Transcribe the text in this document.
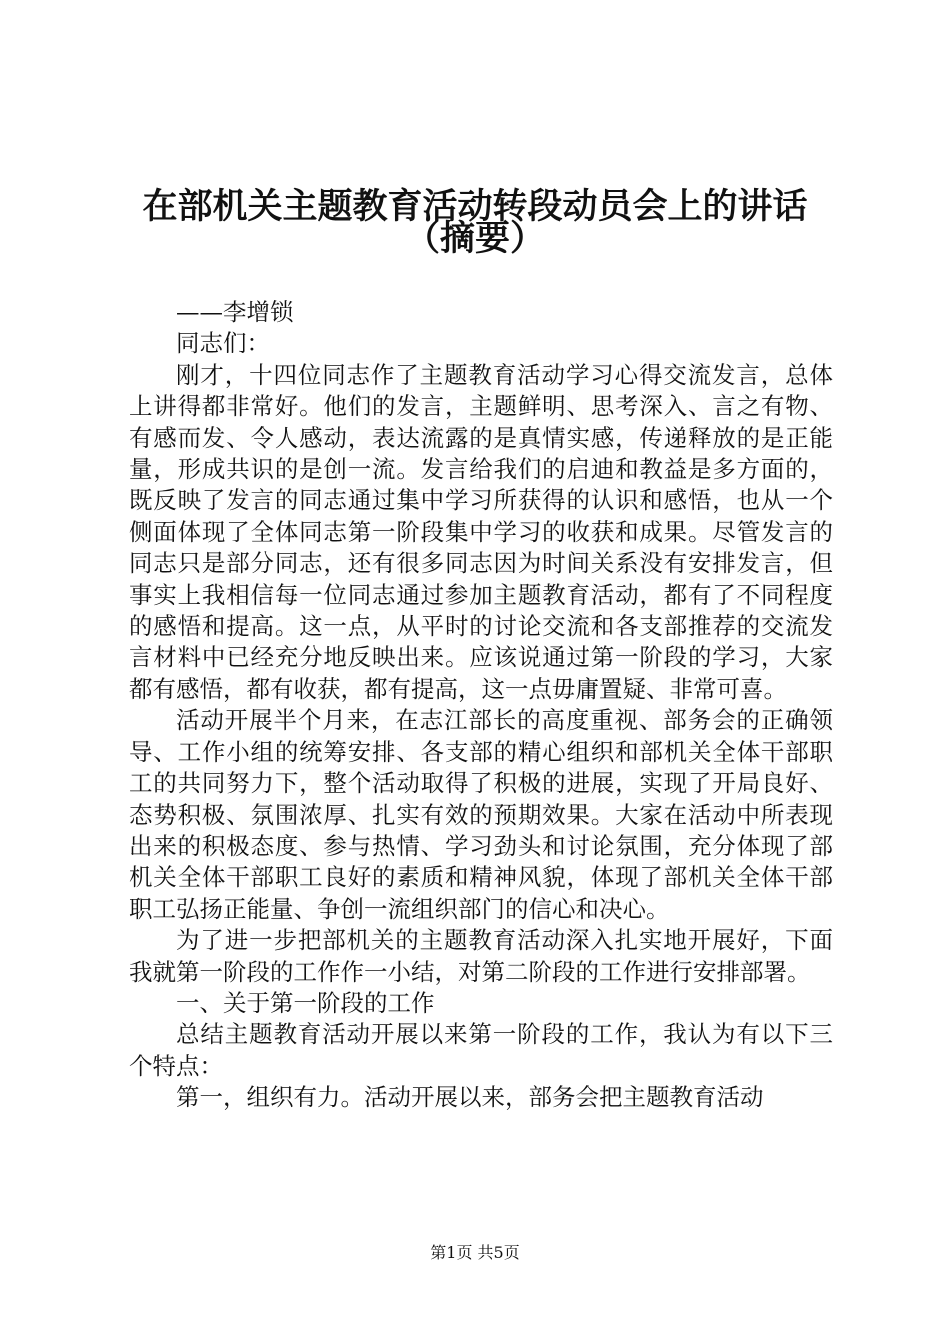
在部机关主题教育活动转段动员会上的讲话
（摘要）

——李增锁

同志们：

刚才，十四位同志作了主题教育活动学习心得交流发言，总体上讲得都非常好。他们的发言，主题鲜明、思考深入、言之有物、有感而发、令人感动，表达流露的是真情实感，传递释放的是正能量，形成共识的是创一流。发言给我们的启迪和教益是多方面的，既反映了发言的同志通过集中学习所获得的认识和感悟，也从一个侧面体现了全体同志第一阶段集中学习的收获和成果。尽管发言的同志只是部分同志，还有很多同志因为时间关系没有安排发言，但事实上我相信每一位同志通过参加主题教育活动，都有了不同程度的感悟和提高。这一点，从平时的讨论交流和各支部推荐的交流发言材料中已经充分地反映出来。应该说通过第一阶段的学习，大家都有感悟，都有收获，都有提高，这一点毋庸置疑、非常可喜。

活动开展半个月来，在志江部长的高度重视、部务会的正确领导、工作小组的统筹安排、各支部的精心组织和部机关全体干部职工的共同努力下，整个活动取得了积极的进展，实现了开局良好、态势积极、氛围浓厚、扎实有效的预期效果。大家在活动中所表现出来的积极态度、参与热情、学习劲头和讨论氛围，充分体现了部机关全体干部职工良好的素质和精神风貌，体现了部机关全体干部职工弘扬正能量、争创一流组织部门的信心和决心。

为了进一步把部机关的主题教育活动深入扎实地开展好，下面我就第一阶段的工作作一小结，对第二阶段的工作进行安排部署。

一、关于第一阶段的工作

总结主题教育活动开展以来第一阶段的工作，我认为有以下三个特点：

第一，组织有力。活动开展以来，部务会把主题教育活动

第1页 共5页
